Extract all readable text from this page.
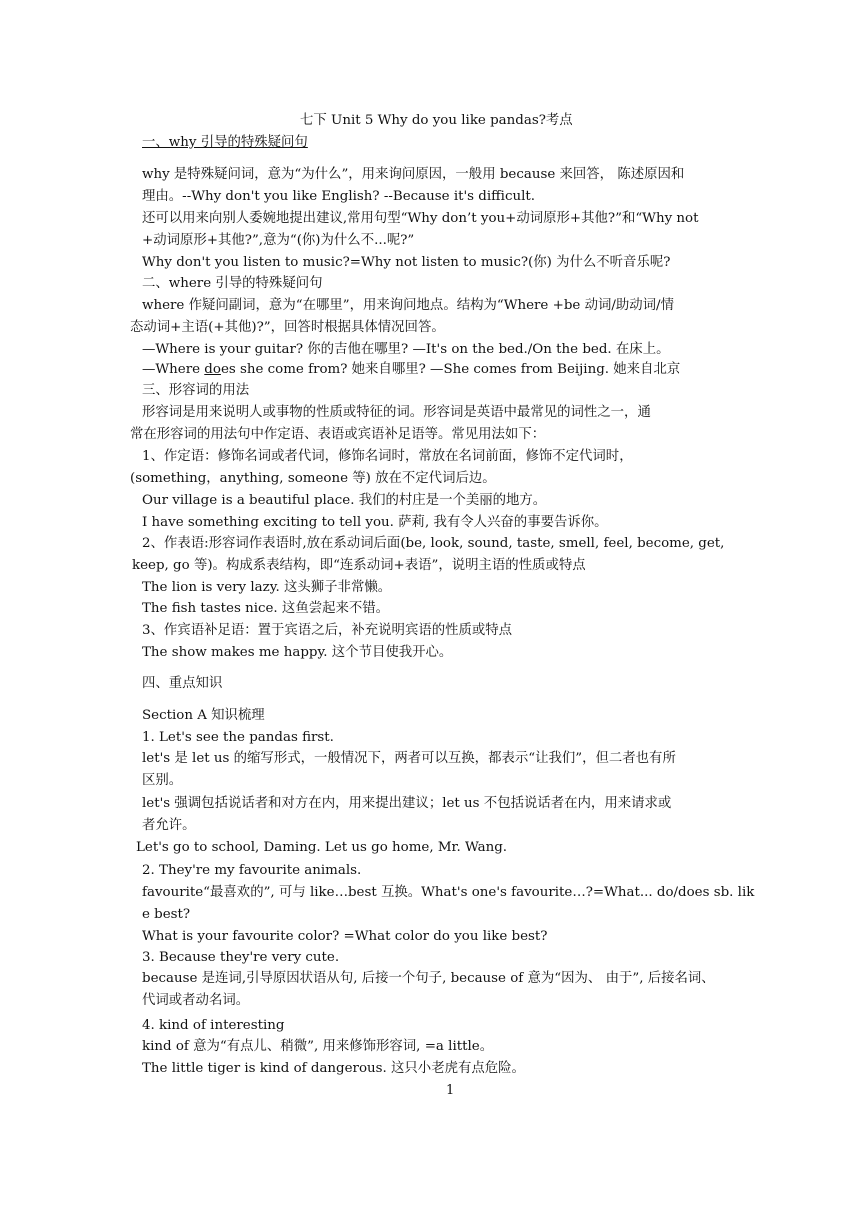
七下 Unit 5 Why do you like pandas?考点
一、why 引导的特殊疑问句
why 是特殊疑问词，意为“为什么”，用来询问原因，一般用 because 来回答， 陈述原因和
理由。--Why don't you like English? --Because it's difficult.
还可以用来向别人委婉地提出建议,常用句型“Why don’t you+动词原形+其他?”和“Why not
+动词原形+其他?”,意为“(你)为什么不...呢?”
Why don't you listen to music?=Why not listen to music?(你) 为什么不听音乐呢?
二、where 引导的特殊疑问句
where 作疑问副词，意为“在哪里”，用来询问地点。结构为“Where +be 动词/助动词/情
态动词+主语(+其他)?”，回答时根据具体情况回答。
—Where is your guitar? 你的吉他在哪里? —It's on the bed./On the bed. 在床上。
—Where does she come from? 她来自哪里? —She comes from Beijing. 她来自北京
三、形容词的用法
形容词是用来说明人或事物的性质或特征的词。形容词是英语中最常见的词性之一，通
常在形容词的用法句中作定语、表语或宾语补足语等。常见用法如下：
1、作定语：修饰名词或者代词，修饰名词时，常放在名词前面，修饰不定代词时，
(something，anything, someone 等) 放在不定代词后边。
Our village is a beautiful place. 我们的村庄是一个美丽的地方。
I have something exciting to tell you. 萨莉, 我有令人兴奋的事要告诉你。
2、作表语:形容词作表语时,放在系动词后面(be, look, sound, taste, smell, feel, become, get,
keep, go 等)。构成系表结构，即“连系动词+表语”，说明主语的性质或特点
The lion is very lazy. 这头狮子非常懒。
The fish tastes nice. 这鱼尝起来不错。
3、作宾语补足语：置于宾语之后，补充说明宾语的性质或特点
The show makes me happy. 这个节目使我开心。
四、重点知识
Section A 知识梳理
1. Let's see the pandas first.
let's 是 let us 的缩写形式，一般情况下，两者可以互换，都表示“让我们”，但二者也有所
区别。
let's 强调包括说话者和对方在内，用来提出建议；let us 不包括说话者在内，用来请求或
者允许。
Let's go to school, Daming. Let us go home, Mr. Wang.
2. They're my favourite animals.
favourite“最喜欢的”, 可与 like…best 互换。What's one's favourite…?=What... do/does sb. lik
e best?
What is your favourite color? =What color do you like best?
3. Because they're very cute.
because 是连词,引导原因状语从句, 后接一个句子, because of 意为“因为、 由于”, 后接名词、
代词或者动名词。
4. kind of interesting
kind of 意为“有点儿、稍微”, 用来修饰形容词, =a little。
The little tiger is kind of dangerous. 这只小老虎有点危险。
1
